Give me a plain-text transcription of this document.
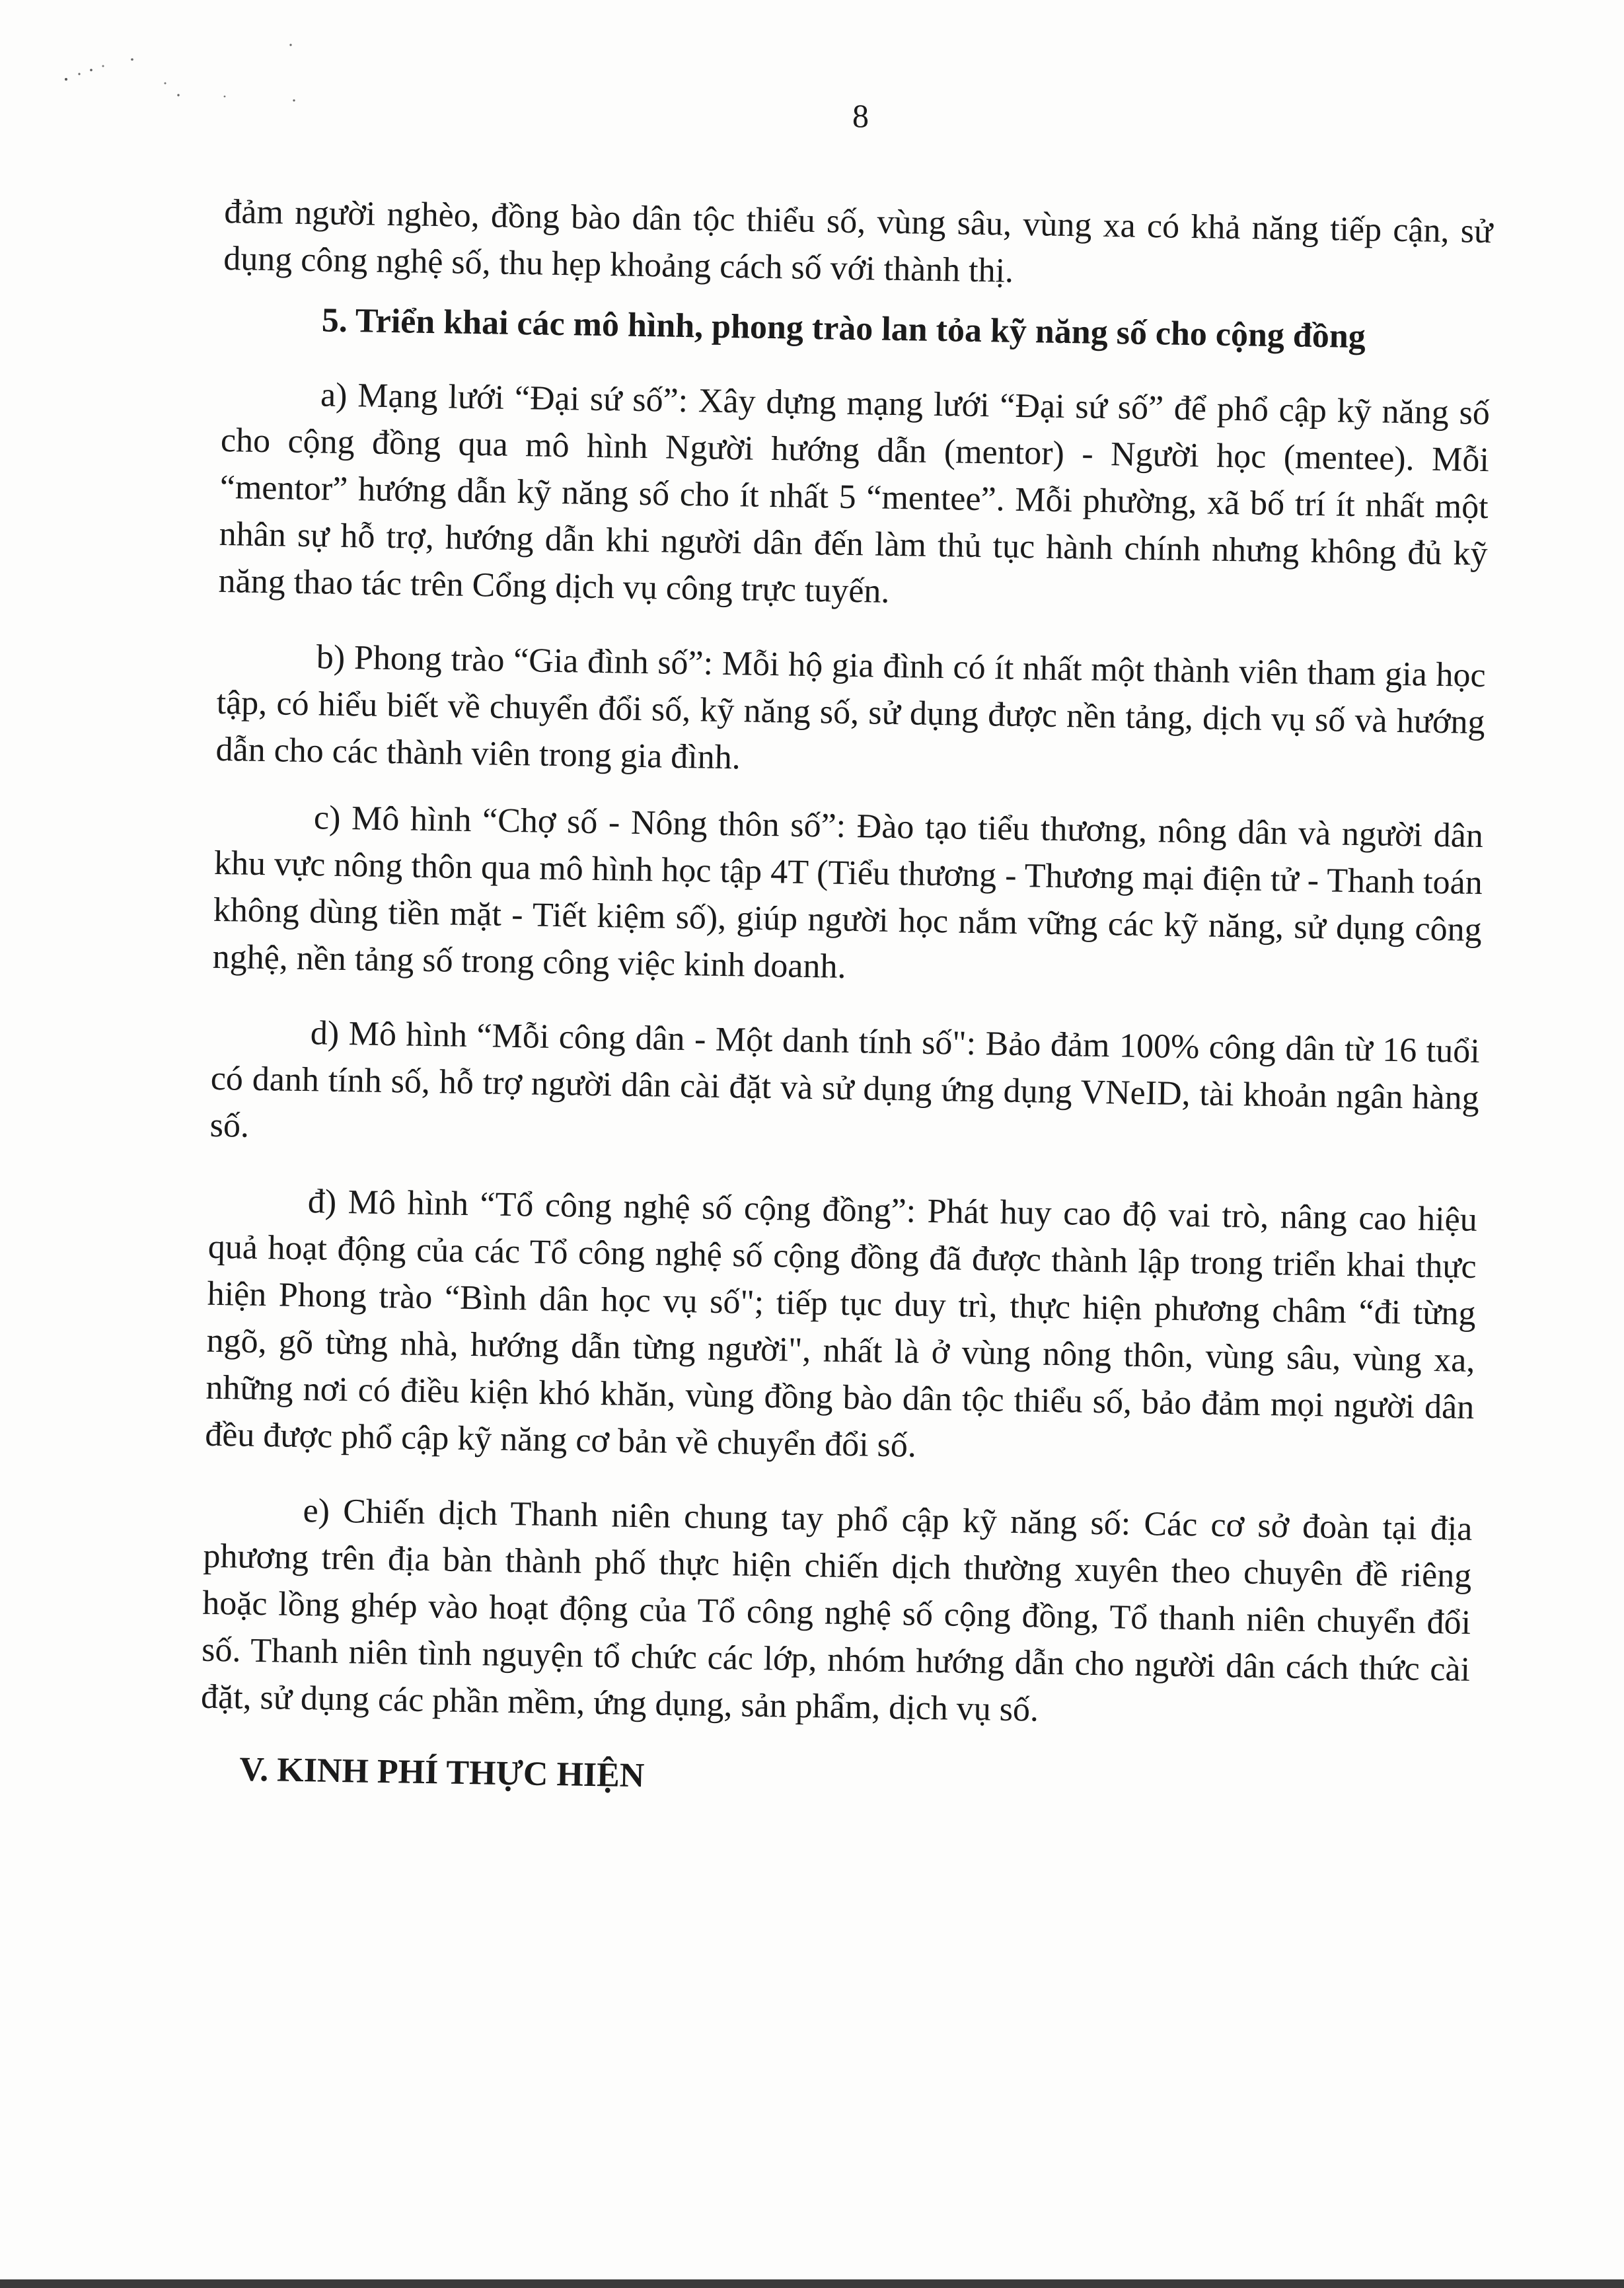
8

đảm người nghèo, đồng bào dân tộc thiểu số, vùng sâu, vùng xa có khả năng tiếp cận, sử dụng công nghệ số, thu hẹp khoảng cách số với thành thị.

5. Triển khai các mô hình, phong trào lan tỏa kỹ năng số cho cộng đồng

a) Mạng lưới “Đại sứ số”: Xây dựng mạng lưới “Đại sứ số” để phổ cập kỹ năng số cho cộng đồng qua mô hình Người hướng dẫn (mentor) - Người học (mentee). Mỗi “mentor” hướng dẫn kỹ năng số cho ít nhất 5 “mentee”. Mỗi phường, xã bố trí ít nhất một nhân sự hỗ trợ, hướng dẫn khi người dân đến làm thủ tục hành chính nhưng không đủ kỹ năng thao tác trên Cổng dịch vụ công trực tuyến.

b) Phong trào “Gia đình số”: Mỗi hộ gia đình có ít nhất một thành viên tham gia học tập, có hiểu biết về chuyển đổi số, kỹ năng số, sử dụng được nền tảng, dịch vụ số và hướng dẫn cho các thành viên trong gia đình.

c) Mô hình “Chợ số - Nông thôn số”: Đào tạo tiểu thương, nông dân và người dân khu vực nông thôn qua mô hình học tập 4T (Tiểu thương - Thương mại điện tử - Thanh toán không dùng tiền mặt - Tiết kiệm số), giúp người học nắm vững các kỹ năng, sử dụng công nghệ, nền tảng số trong công việc kinh doanh.

d) Mô hình “Mỗi công dân - Một danh tính số": Bảo đảm 100% công dân từ 16 tuổi có danh tính số, hỗ trợ người dân cài đặt và sử dụng ứng dụng VNeID, tài khoản ngân hàng số.

đ) Mô hình “Tổ công nghệ số cộng đồng”: Phát huy cao độ vai trò, nâng cao hiệu quả hoạt động của các Tổ công nghệ số cộng đồng đã được thành lập trong triển khai thực hiện Phong trào “Bình dân học vụ số"; tiếp tục duy trì, thực hiện phương châm “đi từng ngõ, gõ từng nhà, hướng dẫn từng người", nhất là ở vùng nông thôn, vùng sâu, vùng xa, những nơi có điều kiện khó khăn, vùng đồng bào dân tộc thiểu số, bảo đảm mọi người dân đều được phổ cập kỹ năng cơ bản về chuyển đổi số.

e) Chiến dịch Thanh niên chung tay phổ cập kỹ năng số: Các cơ sở đoàn tại địa phương trên địa bàn thành phố thực hiện chiến dịch thường xuyên theo chuyên đề riêng hoặc lồng ghép vào hoạt động của Tổ công nghệ số cộng đồng, Tổ thanh niên chuyển đổi số. Thanh niên tình nguyện tổ chức các lớp, nhóm hướng dẫn cho người dân cách thức cài đặt, sử dụng các phần mềm, ứng dụng, sản phẩm, dịch vụ số.

V. KINH PHÍ THỰC HIỆN
